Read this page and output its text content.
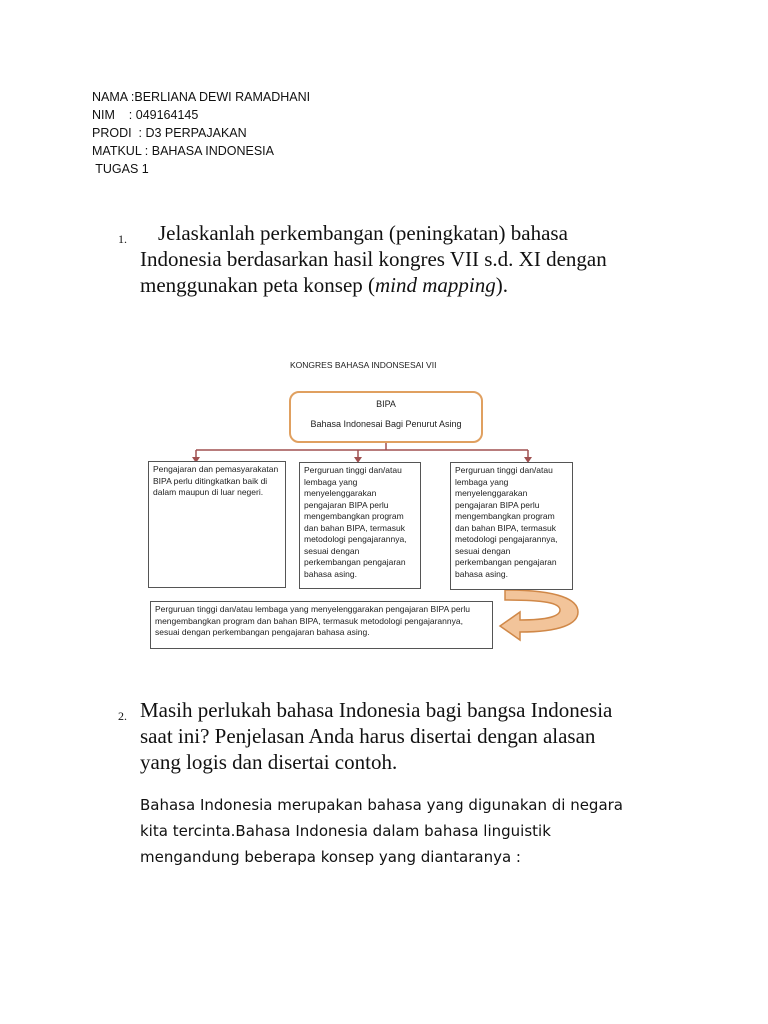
NAMA :BERLIANA DEWI RAMADHANI
NIM    : 049164145
PRODI  : D3 PERPAJAKAN
MATKUL : BAHASA INDONESIA
TUGAS 1
1.	Jelaskanlah perkembangan (peningkatan) bahasa
Indonesia berdasarkan hasil kongres VII s.d. XI dengan
menggunakan peta konsep (mind mapping).
KONGRES BAHASA INDONSESAI VII
BIPA
Bahasa Indonesai Bagi Penurut Asing
Pengajaran dan pemasyarakatan BIPA perlu ditingkatkan baik di dalam maupun di luar negeri.
Perguruan tinggi dan/atau lembaga yang menyelenggarakan pengajaran BIPA perlu mengembangkan program dan bahan BIPA, termasuk metodologi pengajarannya, sesuai dengan perkembangan pengajaran bahasa asing.
Perguruan tinggi dan/atau lembaga yang menyelenggarakan pengajaran BIPA perlu mengembangkan program dan bahan BIPA, termasuk metodologi pengajarannya, sesuai dengan perkembangan pengajaran bahasa asing.
Perguruan tinggi dan/atau lembaga yang menyelenggarakan pengajaran BIPA perlu mengembangkan program dan bahan BIPA, termasuk metodologi pengajarannya, sesuai dengan perkembangan pengajaran bahasa asing.
2. Masih perlukah bahasa Indonesia bagi bangsa Indonesia
saat ini? Penjelasan Anda harus disertai dengan alasan
yang logis dan disertai contoh.
Bahasa Indonesia merupakan bahasa yang digunakan di negara
kita tercinta.Bahasa Indonesia dalam bahasa linguistik
mengandung beberapa konsep yang diantaranya :
